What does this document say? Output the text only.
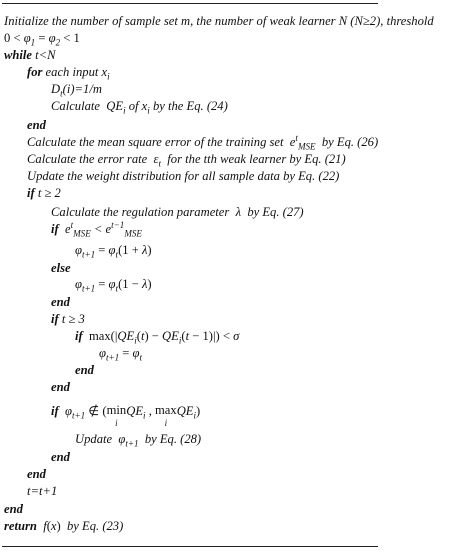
Initialize the number of sample set m, the number of weak learner N (N≥2), threshold
$0 < \varphi_1 = \varphi_2 < 1$
while t<N
for each input $x_i$
$D_t(i)=1/m$
Calculate  $QE_i$ of $x_i$ by the Eq. (24)
end
Calculate the mean square error of the training set  $e^t_{MSE}$  by Eq. (26)
Calculate the error rate  $\varepsilon_t$  for the tth weak learner by Eq. (21)
Update the weight distribution for all sample data by Eq. (22)
if t ≥ 2
Calculate the regulation parameter  λ  by Eq. (27)
if  $e^t_{MSE} < e^{t-1}_{MSE}$
$\varphi_{t+1} = \varphi_t(1 + \lambda)$
else
$\varphi_{t+1} = \varphi_t(1 - \lambda)$
end
if t ≥ 3
if $\max(|QE_i(t) - QE_i(t - 1)|) < \sigma$
$\varphi_{t+1} = \varphi_t$
end
end
if  $\varphi_{t+1}$ ∉ (min
iQE$_i$ , max
iQE$_i$)
Update  $\varphi_{t+1}$  by Eq. (28)
end
end
t=t+1
end
return f(x)  by Eq. (23)
